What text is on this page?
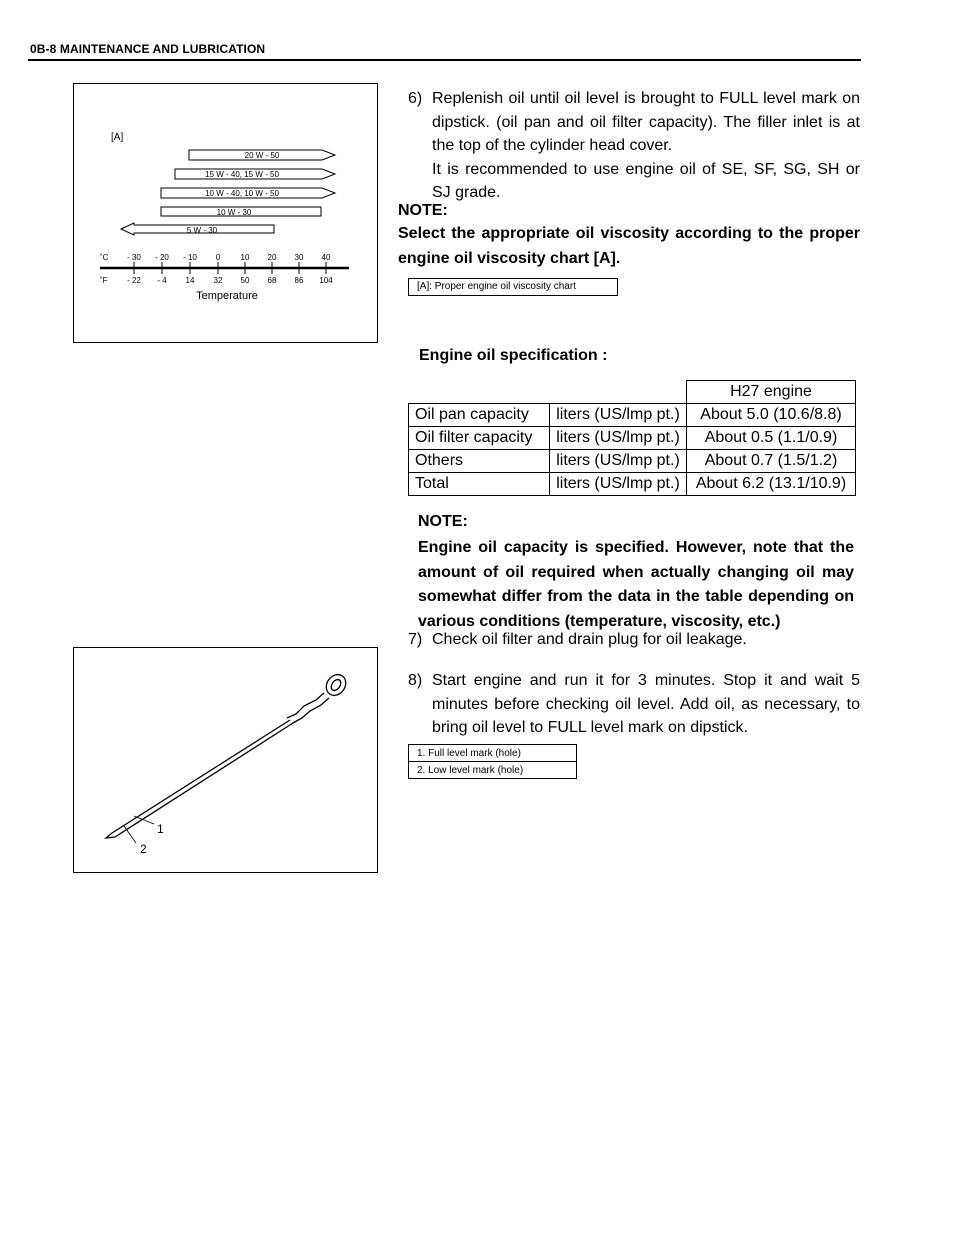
0B-8 MAINTENANCE AND LUBRICATION
[A]
20 W - 50
15 W - 40, 15 W - 50
10 W - 40, 10 W - 50
10 W - 30
5 W - 30
˚C
˚F
- 30 - 20 - 10 0	10 20 30 40
- 22 - 4 14 32 50 68 86 104
Temperature
6) Replenish oil until oil level is brought to FULL level mark on dipstick. (oil pan and oil filter capacity). The filler inlet is at the top of the cylinder head cover.
It is recommended to use engine oil of SE, SF, SG, SH or SJ grade.
NOTE:
Select the appropriate oil viscosity according to the proper engine oil viscosity chart [A].
[A]: Proper engine oil viscosity chart
Engine oil specification :
		H27 engine
Oil pan capacity	liters (US/lmp pt.)	About 5.0 (10.6/8.8)
Oil filter capacity	liters (US/lmp pt.)	About 0.5 (1.1/0.9)
Others	liters (US/lmp pt.)	About 0.7 (1.5/1.2)
Total	liters (US/lmp pt.)	About 6.2 (13.1/10.9)
NOTE:
Engine oil capacity is specified. However, note that the amount of oil required when actually changing oil may somewhat differ from the data in the table depending on various conditions (temperature, viscosity, etc.)
7) Check oil filter and drain plug for oil leakage.
1
2
8) Start engine and run it for 3 minutes. Stop it and wait 5 minutes before checking oil level. Add oil, as necessary, to bring oil level to FULL level mark on dipstick.
1. Full level mark (hole)
2. Low level mark (hole)
